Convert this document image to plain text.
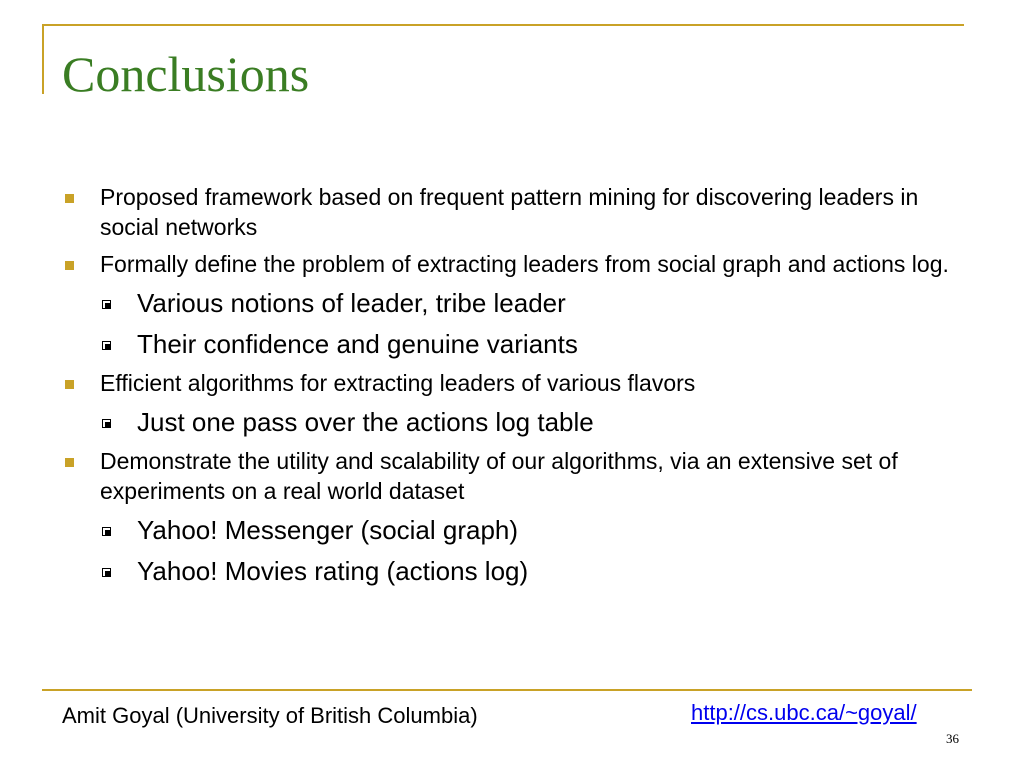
Conclusions
Proposed framework based on frequent pattern mining for discovering leaders in social networks
Formally define the problem of extracting leaders from social graph and actions log.
Various notions of leader, tribe leader
Their confidence and genuine variants
Efficient algorithms for extracting leaders of various flavors
Just one pass over the actions log table
Demonstrate the utility and scalability of our algorithms, via an extensive set of experiments on a real world dataset
Yahoo! Messenger (social graph)
Yahoo! Movies rating (actions log)
Amit Goyal (University of British Columbia)	http://cs.ubc.ca/~goyal/
36
